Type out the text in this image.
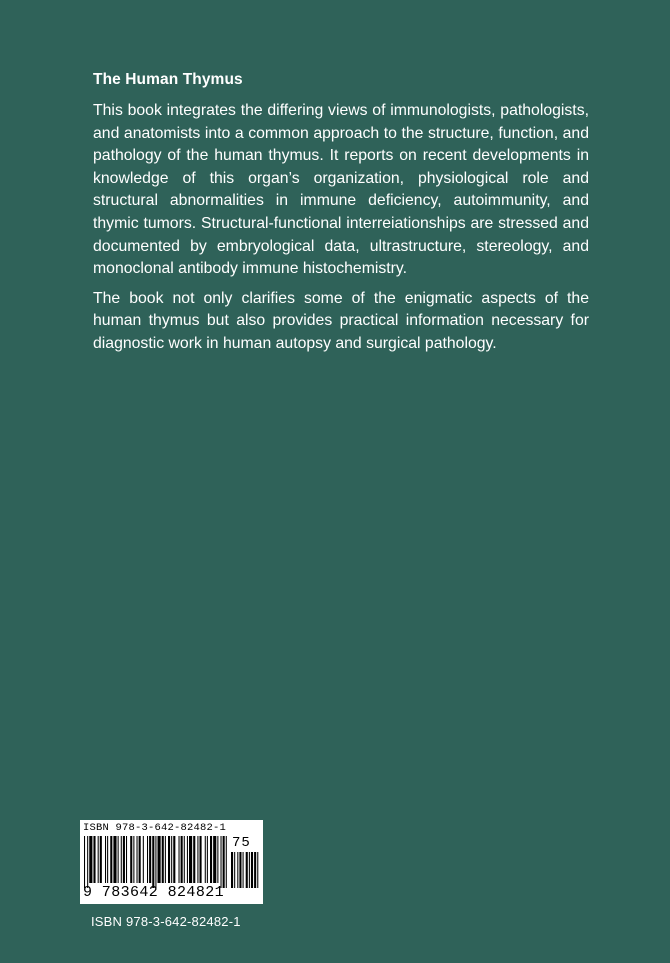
The Human Thymus

This book integrates the differing views of immunologists, pathologists, and anatomists into a common approach to the structure, function, and pathology of the human thymus. It reports on recent developments in knowledge of this organ’s organization, physiological role and structural abnormalities in immune deficiency, autoimmunity, and thymic tumors. Structural-functional interreiationships are stressed and documented by embryological data, ultrastructure, stereology, and monoclonal antibody immune histochemistry.

The book not only clarifies some of the enigmatic aspects of the human thymus but also provides practical information necessary for diagnostic work in human autopsy and surgical pathology.

ISBN 978-3-642-82482-1
75
9 783642 824821
ISBN 978-3-642-82482-1
